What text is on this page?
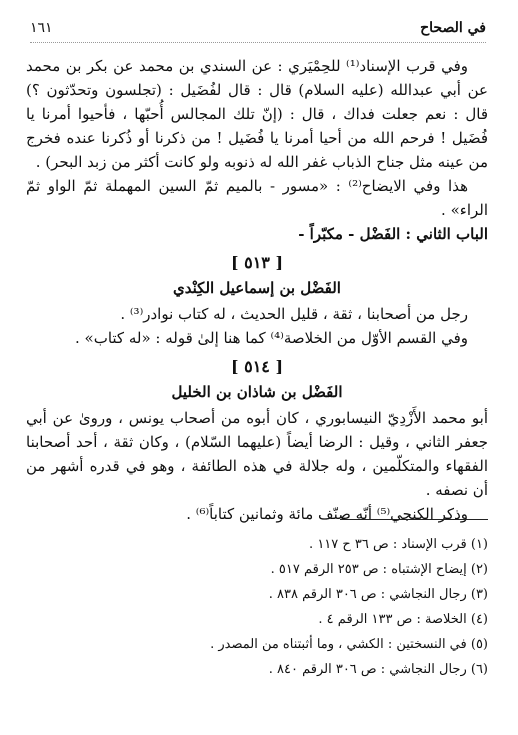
في الصحاح
١٦١

وفي قرب الإسناد⁽¹⁾ للحِمْيَري : عن السندي بن محمد عن بكر بن محمد عن أبي عبدالله (عليه السلام) قال : قال لفُضَيل : (تجلسون وتحدّثون ؟) قال : نعم جعلت فداك ، قال : (إنّ تلك المجالس أُحبّها ، فأحيوا أمرنا يا فُضَيل ! فرحم الله من أحيا أمرنا يا فُضَيل ! من ذكرنا أو ذُكرنا عنده فخرج من عينه مثل جناح الذباب غفر الله له ذنوبه ولو كانت أكثر من زبد البحر) .

هذا وفي الايضاح⁽²⁾ : «مسور - بالميم ثمّ السين المهملة ثمّ الواو ثمّ الراء» .

الباب الثاني : الفَضْل - مكبّراً -

[ ٥١٣ ]

الفَضْل بن إسماعيل الكِنْدي

رجل من أصحابنا ، ثقة ، قليل الحديث ، له كتاب نوادر⁽³⁾ .

وفي القسم الأوّل من الخلاصة⁽⁴⁾ كما هنا إلىٰ قوله : «له كتاب» .

[ ٥١٤ ]

الفَضْل بن شاذان بن الخليل

أبو محمد الأَزْدِيّ النيسابوري ، كان أبوه من أصحاب يونس ، وروىٰ عن أبي جعفر الثاني ، وقيل : الرضا أيضاً (عليهما السّلام) ، وكان ثقة ، أحد أصحابنا الفقهاء والمتكلّمين ، وله جلالة في هذه الطائفة ، وهو في قدره أشهر من أن نصفه .

وذكر الكنجي⁽⁵⁾ أنّه صنّف مائة وثمانين كتاباً⁽⁶⁾ .

(١) قرب الإسناد : ص ٣٦ ح ١١٧ .

(٢) إيضاح الإشتباه : ص ٢٥٣ الرقم ٥١٧ .

(٣) رجال النجاشي : ص ٣٠٦ الرقم ٨٣٨ .

(٤) الخلاصة : ص ١٣٣ الرقم ٤ .

(٥) في النسختين : الكشي ، وما أثبتناه من المصدر .

(٦) رجال النجاشي : ص ٣٠٦ الرقم ٨٤٠ .
